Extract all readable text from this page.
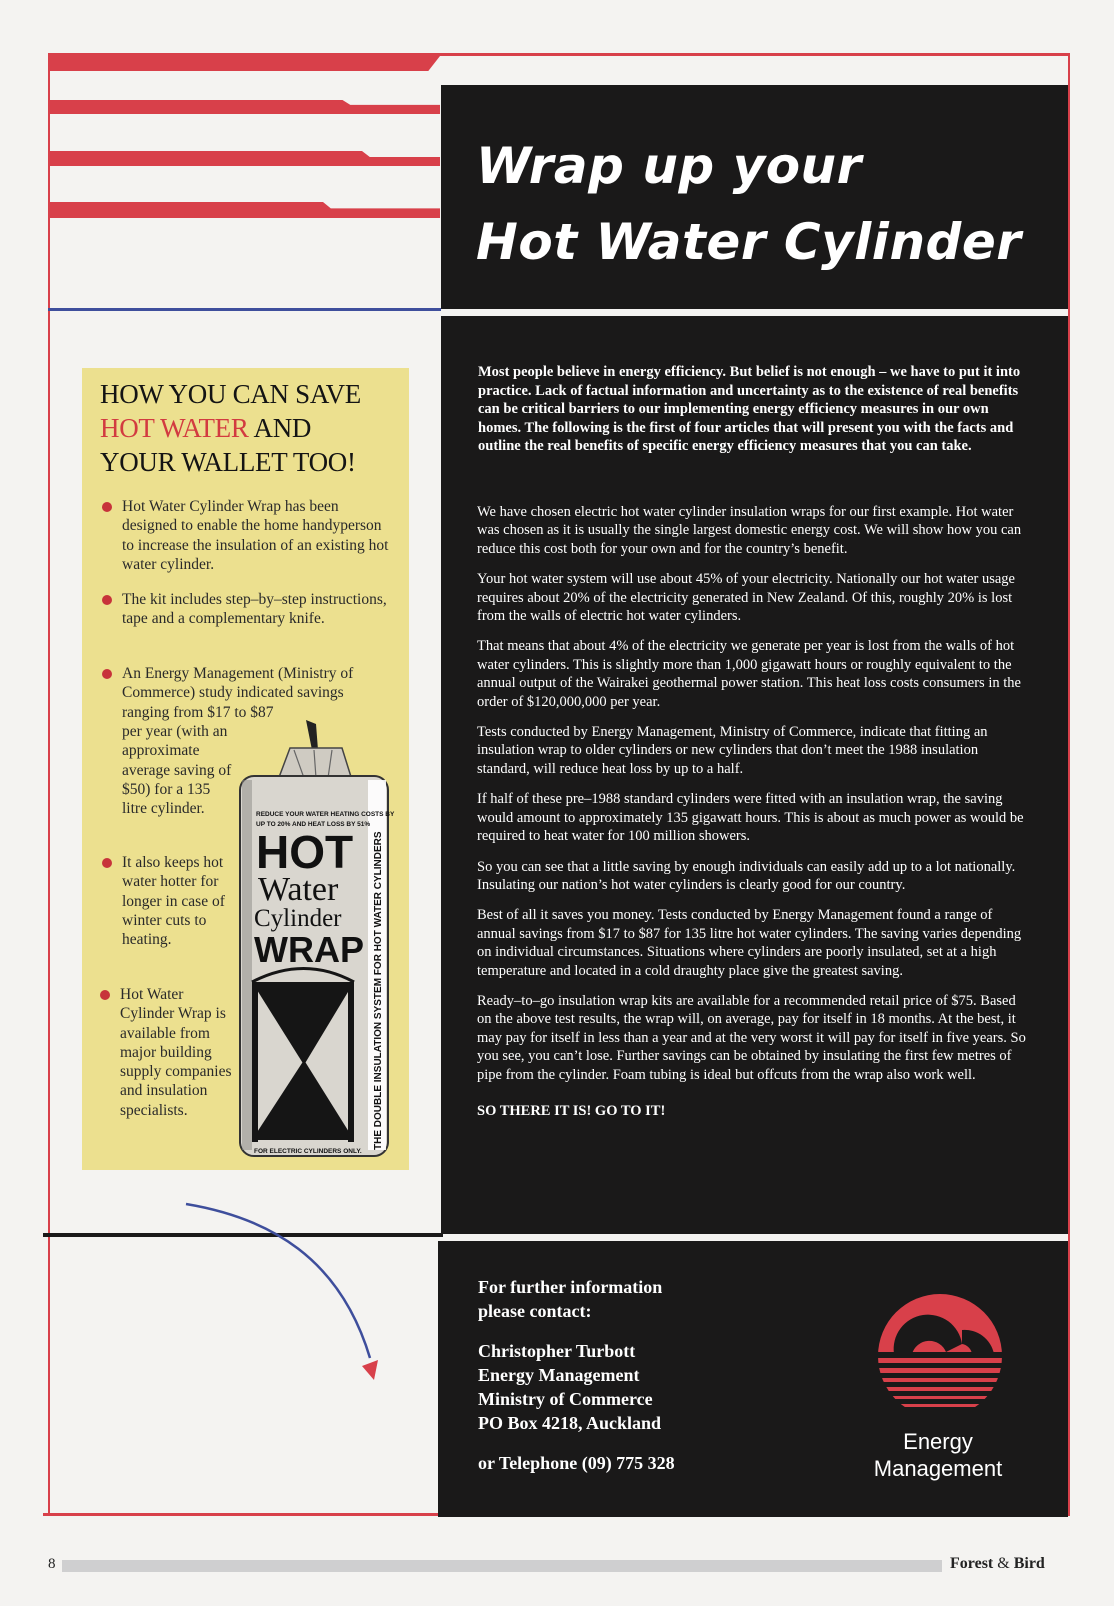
Wrap up your
Hot Water Cylinder
Most people believe in energy efficiency. But belief is not enough – we have to put it into practice. Lack of factual information and uncertainty as to the existence of real benefits can be critical barriers to our implementing energy efficiency measures in our own homes. The following is the first of four articles that will present you with the facts and outline the real benefits of specific energy efficiency measures that you can take.

We have chosen electric hot water cylinder insulation wraps for our first example. Hot water was chosen as it is usually the single largest domestic energy cost. We will show how you can reduce this cost both for your own and for the country’s benefit.

Your hot water system will use about 45% of your electricity. Nationally our hot water usage requires about 20% of the electricity generated in New Zealand. Of this, roughly 20% is lost from the walls of electric hot water cylinders.

That means that about 4% of the electricity we generate per year is lost from the walls of hot water cylinders. This is slightly more than 1,000 gigawatt hours or roughly equivalent to the annual output of the Wairakei geothermal power station. This heat loss costs consumers in the order of $120,000,000 per year.

Tests conducted by Energy Management, Ministry of Commerce, indicate that fitting an insulation wrap to older cylinders or new cylinders that don’t meet the 1988 insulation standard, will reduce heat loss by up to a half.

If half of these pre–1988 standard cylinders were fitted with an insulation wrap, the saving would amount to approximately 135 gigawatt hours. This is about as much power as would be required to heat water for 100 million showers.

So you can see that a little saving by enough individuals can easily add up to a lot nationally. Insulating our nation’s hot water cylinders is clearly good for our country.

Best of all it saves you money. Tests conducted by Energy Management found a range of annual savings from $17 to $87 for 135 litre hot water cylinders. The saving varies depending on individual circumstances. Situations where cylinders are poorly insulated, set at a high temperature and located in a cold draughty place give the greatest saving.

Ready–to–go insulation wrap kits are available for a recommended retail price of $75. Based on the above test results, the wrap will, on average, pay for itself in 18 months. At the best, it may pay for itself in less than a year and at the very worst it will pay for itself in five years. So you see, you can’t lose. Further savings can be obtained by insulating the first few metres of pipe from the cylinder. Foam tubing is ideal but offcuts from the wrap also work well.

SO THERE IT IS! GO TO IT!

HOW YOU CAN SAVE
HOT WATER AND
YOUR WALLET TOO!
Hot Water Cylinder Wrap has been designed to enable the home handyperson to increase the insulation of an existing hot water cylinder.
The kit includes step–by–step instructions, tape and a complementary knife.
An Energy Management (Ministry of Commerce) study indicated savings ranging from $17 to $87
per year (with an approximate average saving of $50) for a 135 litre cylinder.
It also keeps hot water hotter for longer in case of winter cuts to heating.
Hot Water Cylinder Wrap is available from major building supply companies and insulation specialists.
REDUCE YOUR WATER HEATING COSTS BY
UP TO 20% AND HEAT LOSS BY 51%
HOT
Water
Cylinder
WRAP THE DOUBLE INSULATION SYSTEM FOR HOT WATER CYLINDERS
FOR ELECTRIC CYLINDERS ONLY.

For further information
please contact:

Christopher Turbott
Energy Management
Ministry of Commerce
PO Box 4218, Auckland

or Telephone (09) 775 328

Energy
Management
8	Forest & Bird
